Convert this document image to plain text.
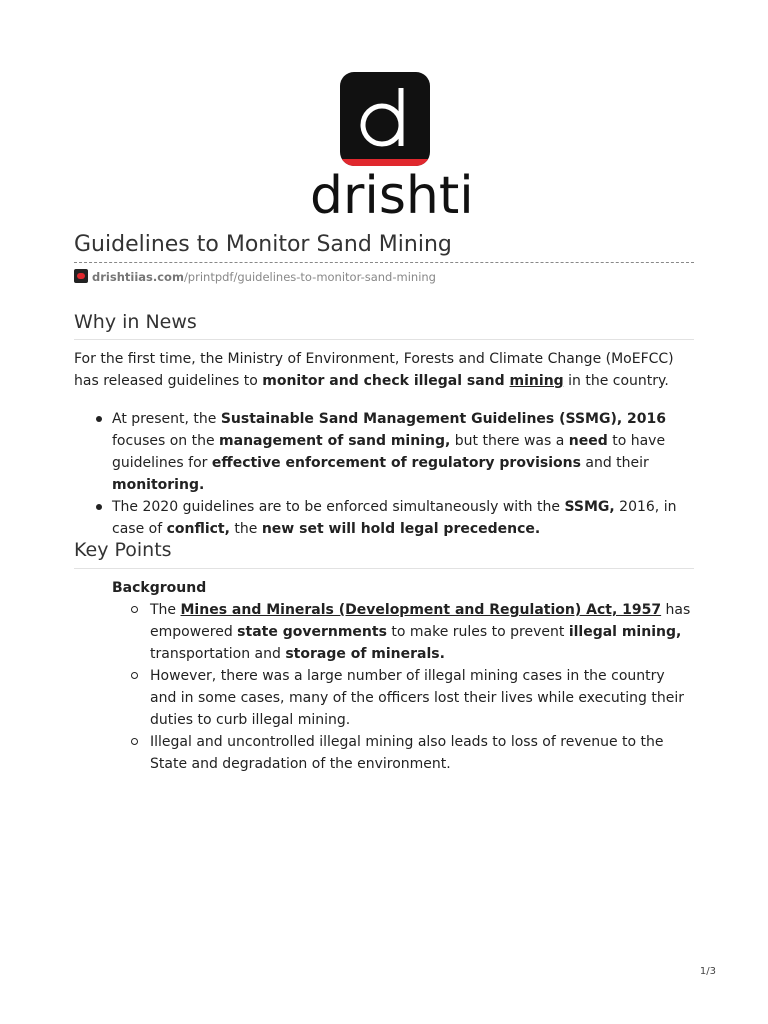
drishti
Guidelines to Monitor Sand Mining
drishtiias.com/printpdf/guidelines-to-monitor-sand-mining
Why in News

For the first time, the Ministry of Environment, Forests and Climate Change (MoEFCC) has released guidelines to monitor and check illegal sand mining in the country.

At present, the Sustainable Sand Management Guidelines (SSMG), 2016 focuses on the management of sand mining, but there was a need to have guidelines for effective enforcement of regulatory provisions and their monitoring.
The 2020 guidelines are to be enforced simultaneously with the SSMG, 2016, in case of conflict, the new set will hold legal precedence.
Key Points

Background

The Mines and Minerals (Development and Regulation) Act, 1957 has empowered state governments to make rules to prevent illegal mining, transportation and storage of minerals.
However, there was a large number of illegal mining cases in the country and in some cases, many of the officers lost their lives while executing their duties to curb illegal mining.
Illegal and uncontrolled illegal mining also leads to loss of revenue to the State and degradation of the environment.
1/3
